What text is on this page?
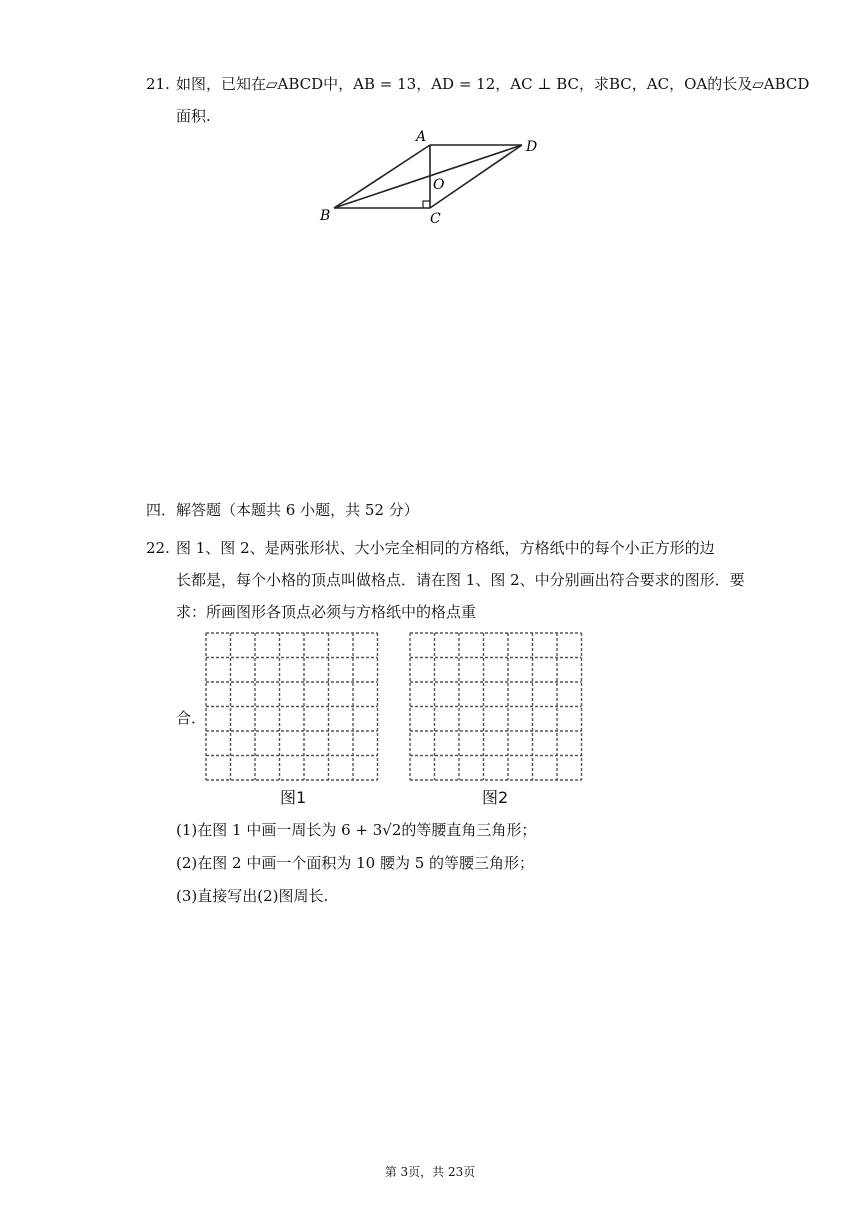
21. 如图，已知在▱ABCD中，AB = 13，AD = 12，AC ⊥ BC，求BC，AC，OA的长及▱ABCD
面积.
A
D
B	C
O
四．解答题（本题共 6 小题，共 52 分）
22. 图 1、图 2、是两张形状、大小完全相同的方格纸，方格纸中的每个小正方形的边
长都是，每个小格的顶点叫做格点．请在图 1、图 2、中分别画出符合要求的图形．要
求：所画图形各顶点必须与方格纸中的格点重
合．
图1	图2
(1)在图 1 中画一周长为 6 + 3√2的等腰直角三角形；
(2)在图 2 中画一个面积为 10 腰为 5 的等腰三角形；
(3)直接写出(2)图周长.
第 3页，共 23页
